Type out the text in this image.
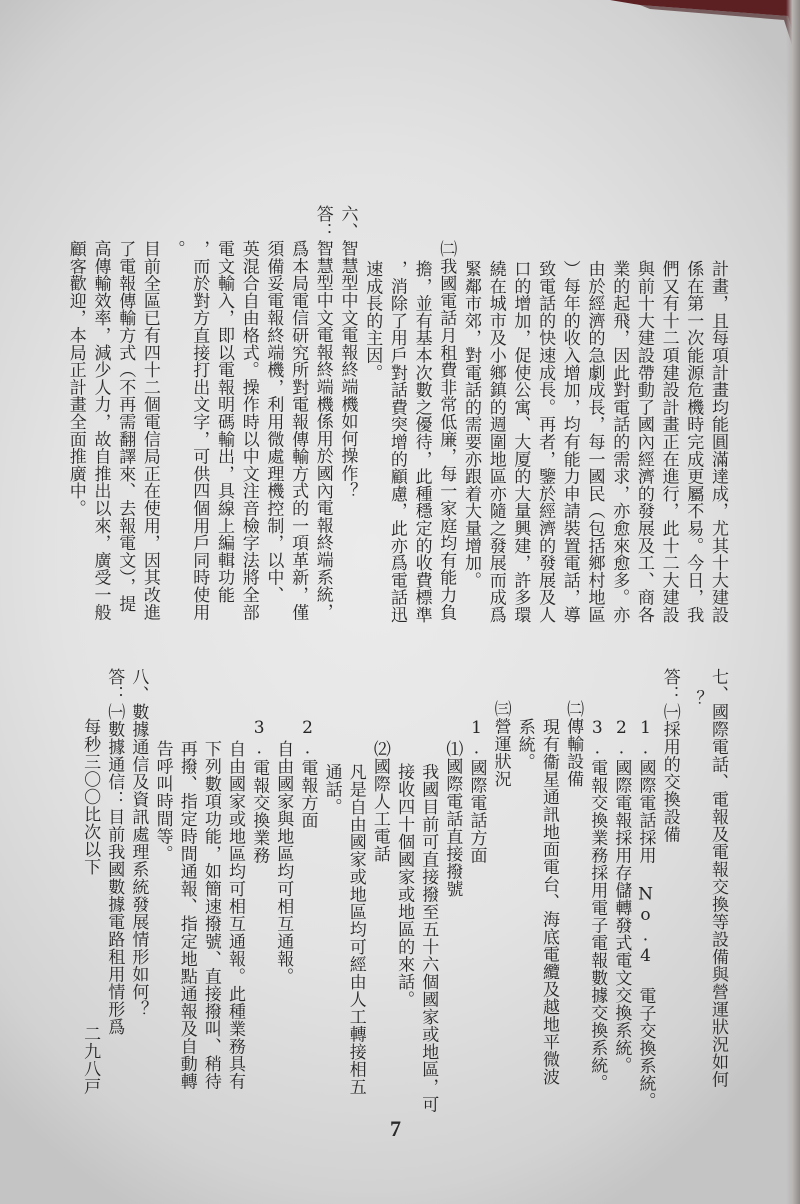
二九八戸
7
計畫，且每項計畫均能圓滿達成，尤其十大建設
係在第一次能源危機時完成更屬不易。今日，我
們又有十二項建設計畫正在進行，此十二大建設
與前十大建設帶動了國內經濟的發展及工、商各
業的起飛，因此對電話的需求，亦愈來愈多。亦
由於經濟的急劇成長，每一國民（包括鄉村地區
）每年的收入增加，均有能力申請裝置電話，導
致電話的快速成長。再者，鑒於經濟的發展及人
口的增加，促使公寓、大厦的大量興建，許多環
繞在城市及小鄉鎮的週圍地區亦隨之發展而成爲
緊鄰市郊，對電話的需要亦跟着大量增加。
㈡我國電話月租費非常低廉，每一家庭均有能力負
擔，並有基本次數之優待，此種穩定的收費標準
，消除了用戶對話費突增的顧慮，此亦爲電話迅
速成長的主因。
六、智慧型中文電報終端機如何操作？
答：智慧型中文電報終端機係用於國內電報終端系統，
爲本局電信研究所對電報傳輸方式的一項革新，僅
須備妥電報終端機，利用微處理機控制，以中、
英混合自由格式。操作時以中文注音檢字法將全部
電文輸入，即以電報明碼輸出，具線上編輯功能
，而於對方直接打出文字，可供四個用戶同時使用
。
目前全區已有四十二個電信局正在使用，因其改進
了電報傳輸方式（不再需翻譯來、去報電文），提
高傳輸效率，減少人力，故自推出以來，廣受一般
顧客歡迎，本局正計畫全面推廣中。
七、國際電話、電報及電報交換等設備與營運狀況如何
？
答：㈠採用的交換設備
1.國際電話採用 No.4 電子交換系統。
2.國際電報採用存儲轉發式電文交換系統。
3.電報交換業務採用電子電報數據交換系統。
㈡傳輸設備
現有衞星通訊地面電台、海底電纜及越地平微波
系統。
㈢營運狀況
1.國際電話方面
⑴國際電話直接撥號
我國目前可直接撥至五十六個國家或地區，可
接收四十個國家或地區的來話。
⑵國際人工電話
凡是自由國家或地區均可經由人工轉接相五
通話。
2.電報方面
自由國家與地區均可相互通報。
3.電報交換業務
自由國家或地區均可相互通報。此種業務具有
下列數項功能，如簡速撥號、直接撥叫、稍待
再撥、指定時間通報、指定地點通報及自動轉
告呼叫時間等。
八、數據通信及資訊處理系統發展情形如何？
答：㈠數據通信：目前我國數據電路租用情形爲
每秒三〇〇比次以下
